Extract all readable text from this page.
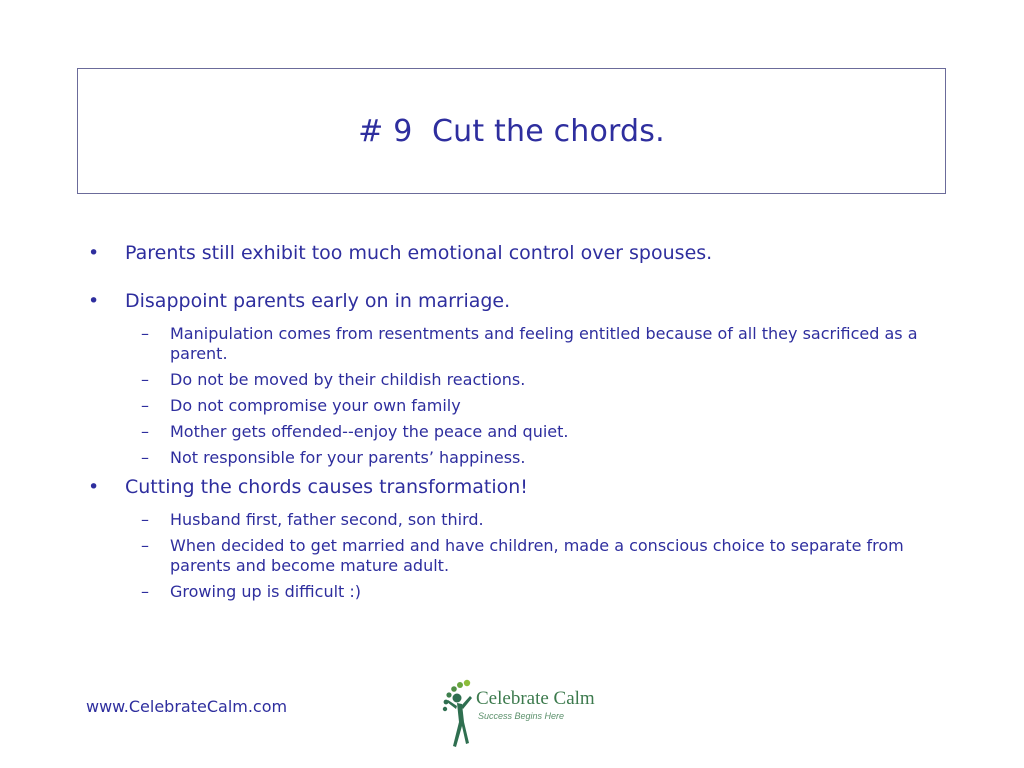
# 9  Cut the chords.
•	Parents still exhibit too much emotional control over spouses.
•	Disappoint parents early on in marriage.
–	Manipulation comes from resentments and feeling entitled because of all they sacrificed as a parent.
–	Do not be moved by their childish reactions.
–	Do not compromise your own family
–	Mother gets offended--enjoy the peace and quiet.
–	Not responsible for your parents’ happiness.
•	Cutting the chords causes transformation!
–	Husband first, father second, son third.
–	When decided to get married and have children, made a conscious choice to separate from parents and become mature adult.
–	Growing up is difficult :)
www.CelebrateCalm.com	Celebrate Calm
Success Begins Here
